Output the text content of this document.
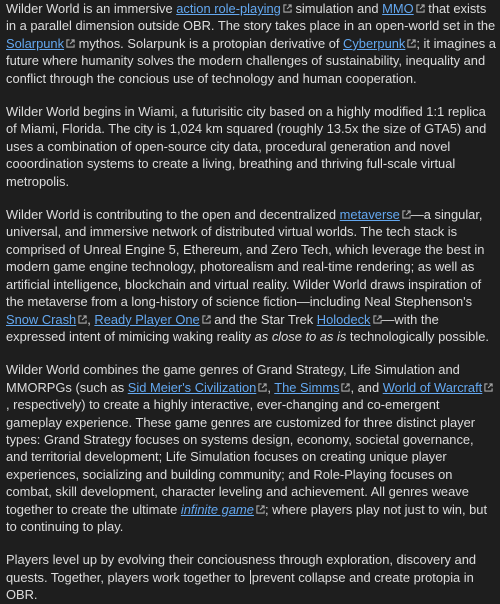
Wilder World is an immersive action role-playing
simulation and MMO
that exists in a parallel dimension outside OBR. The story takes place in an open-world set in the Solarpunk
mythos. Solarpunk is a protopian derivative of Cyberpunk ; it imagines a future where humanity solves the modern challenges of sustainability, inequality and conflict through the concious use of technology and human cooperation.

Wilder World begins in Wiami, a futurisitic city based on a highly modified 1:1 replica of Miami, Florida. The city is 1,024 km squared (roughly 13.5x the size of GTA5) and uses a combination of open-source city data, procedural generation and novel cooordination systems to create a living, breathing and thriving full-scale virtual metropolis.

Wilder World is contributing to the open and decentralized metaverse —a singular, universal, and immersive network of distributed virtual worlds. The tech stack is comprised of Unreal Engine 5, Ethereum, and Zero Tech, which leverage the best in modern game engine technology, photorealism and real-time rendering; as well as artificial intelligence, blockchain and virtual reality. Wilder World draws inspiration of the metaverse from a long-history of science fiction—including Neal Stephenson's Snow Crash , Ready Player One
and the Star Trek Holodeck —with the expressed intent of mimicing waking reality as close to as is technologically possible.

Wilder World combines the game genres of Grand Strategy, Life Simulation and MMORPGs (such as Sid Meier's Civilization , The Simms , and World of Warcraft
, respectively) to create a highly interactive, ever-changing and co-emergent gameplay experience. These game genres are customized for three distinct player types: Grand Strategy focuses on systems design, economy, societal governance, and territorial development; Life Simulation focuses on creating unique player experiences, socializing and building community; and Role-Playing focuses on combat, skill development, character leveling and achievement. All genres weave together to create the ultimate infinite game ; where players play not just to win, but to continuing to play.

Players level up by evolving their conciousness through exploration, discovery and quests. Together, players work together to prevent collapse and create protopia in OBR.
